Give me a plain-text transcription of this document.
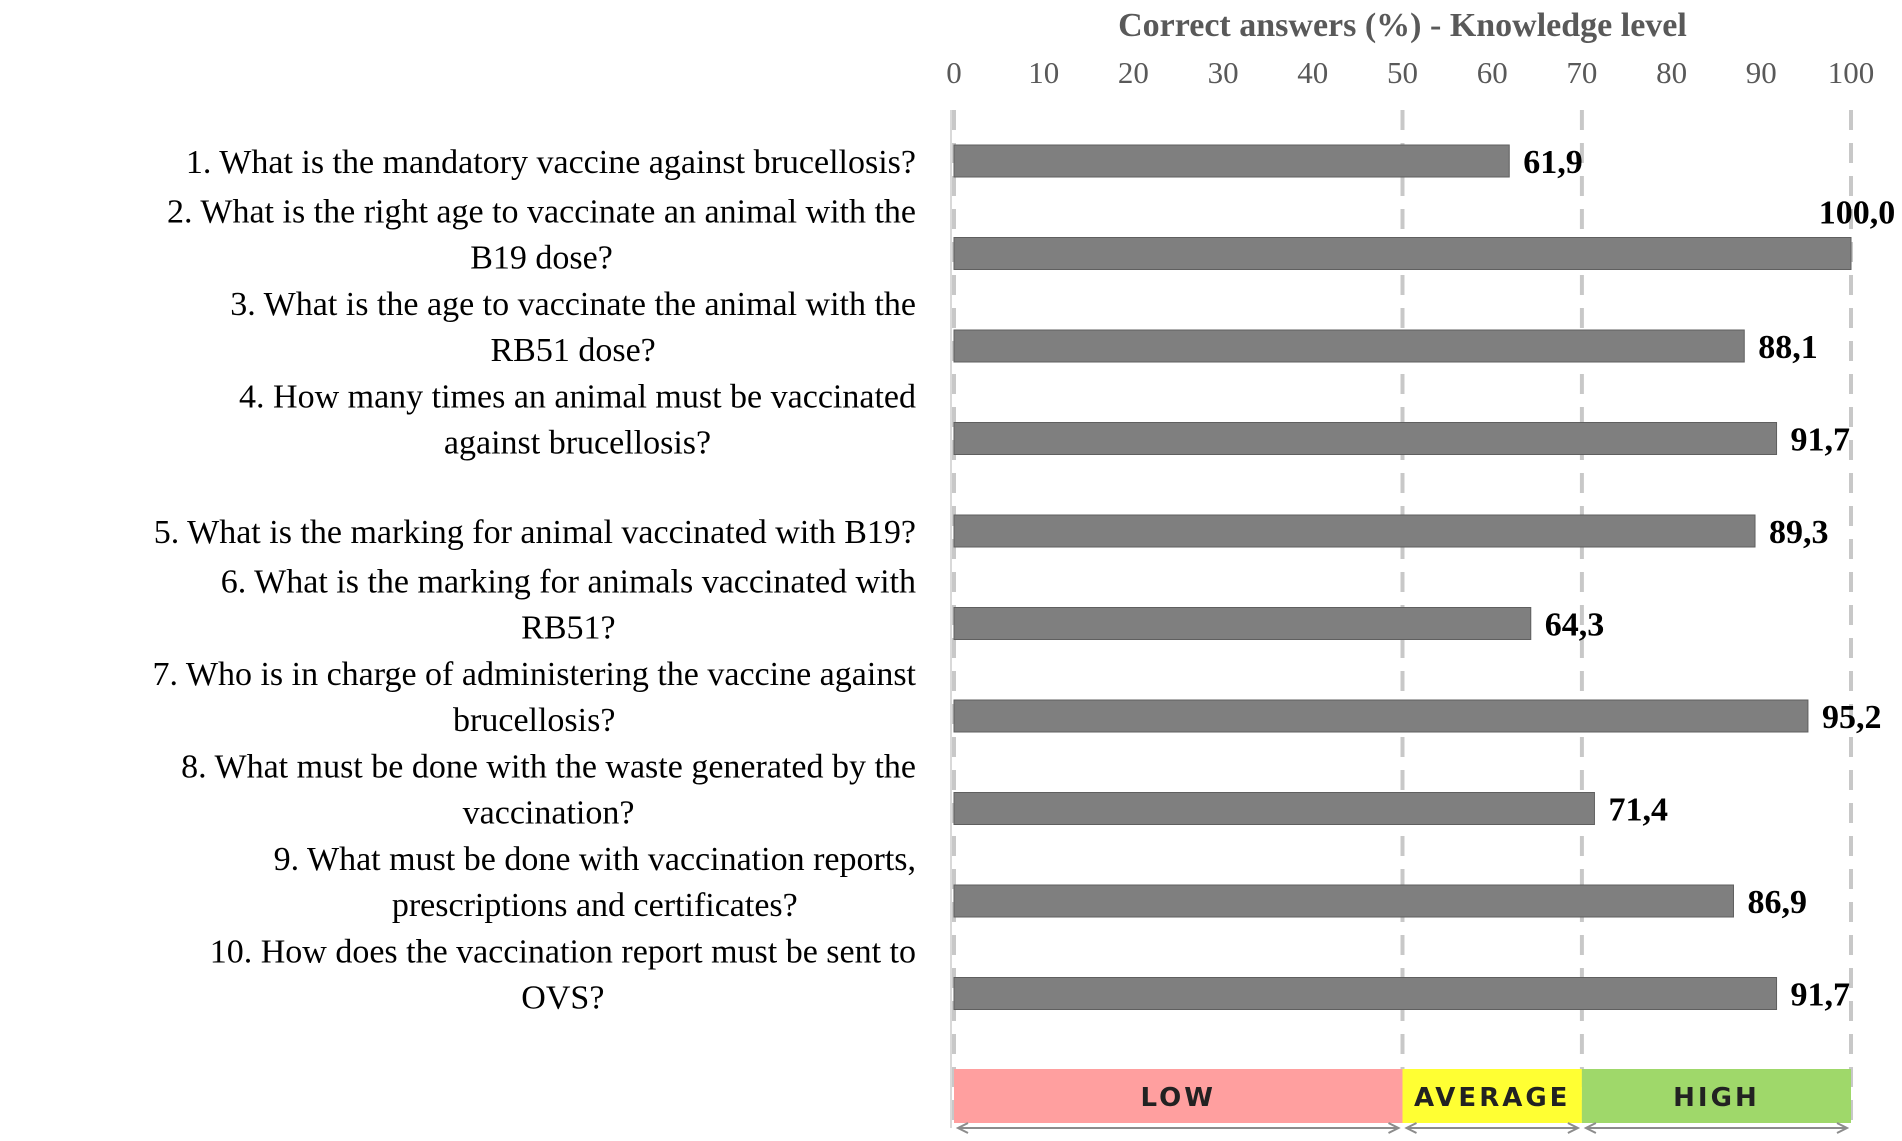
Correct answers (%) - Knowledge level
0 10 20 30 40 50 60 70 80 90 100
LOW	AVERAGE	HIGH
61,9
1. What is the mandatory vaccine against brucellosis?
100,0
2. What is the right age to vaccinate an animal with the B19 dose?
88,1
3. What is the age to vaccinate the animal with the RB51 dose?
91,7
4. How many times an animal must be vaccinated against brucellosis?
89,3
5. What is the marking for animal vaccinated with B19?
64,3
6. What is the marking for animals vaccinated with RB51?
95,2
7. Who is in charge of administering the vaccine against brucellosis?
71,4
8. What must be done with the waste generated by the vaccination?
86,9
9. What must be done with vaccination reports, prescriptions and certificates?
91,7
10. How does the vaccination report must be sent to OVS?
